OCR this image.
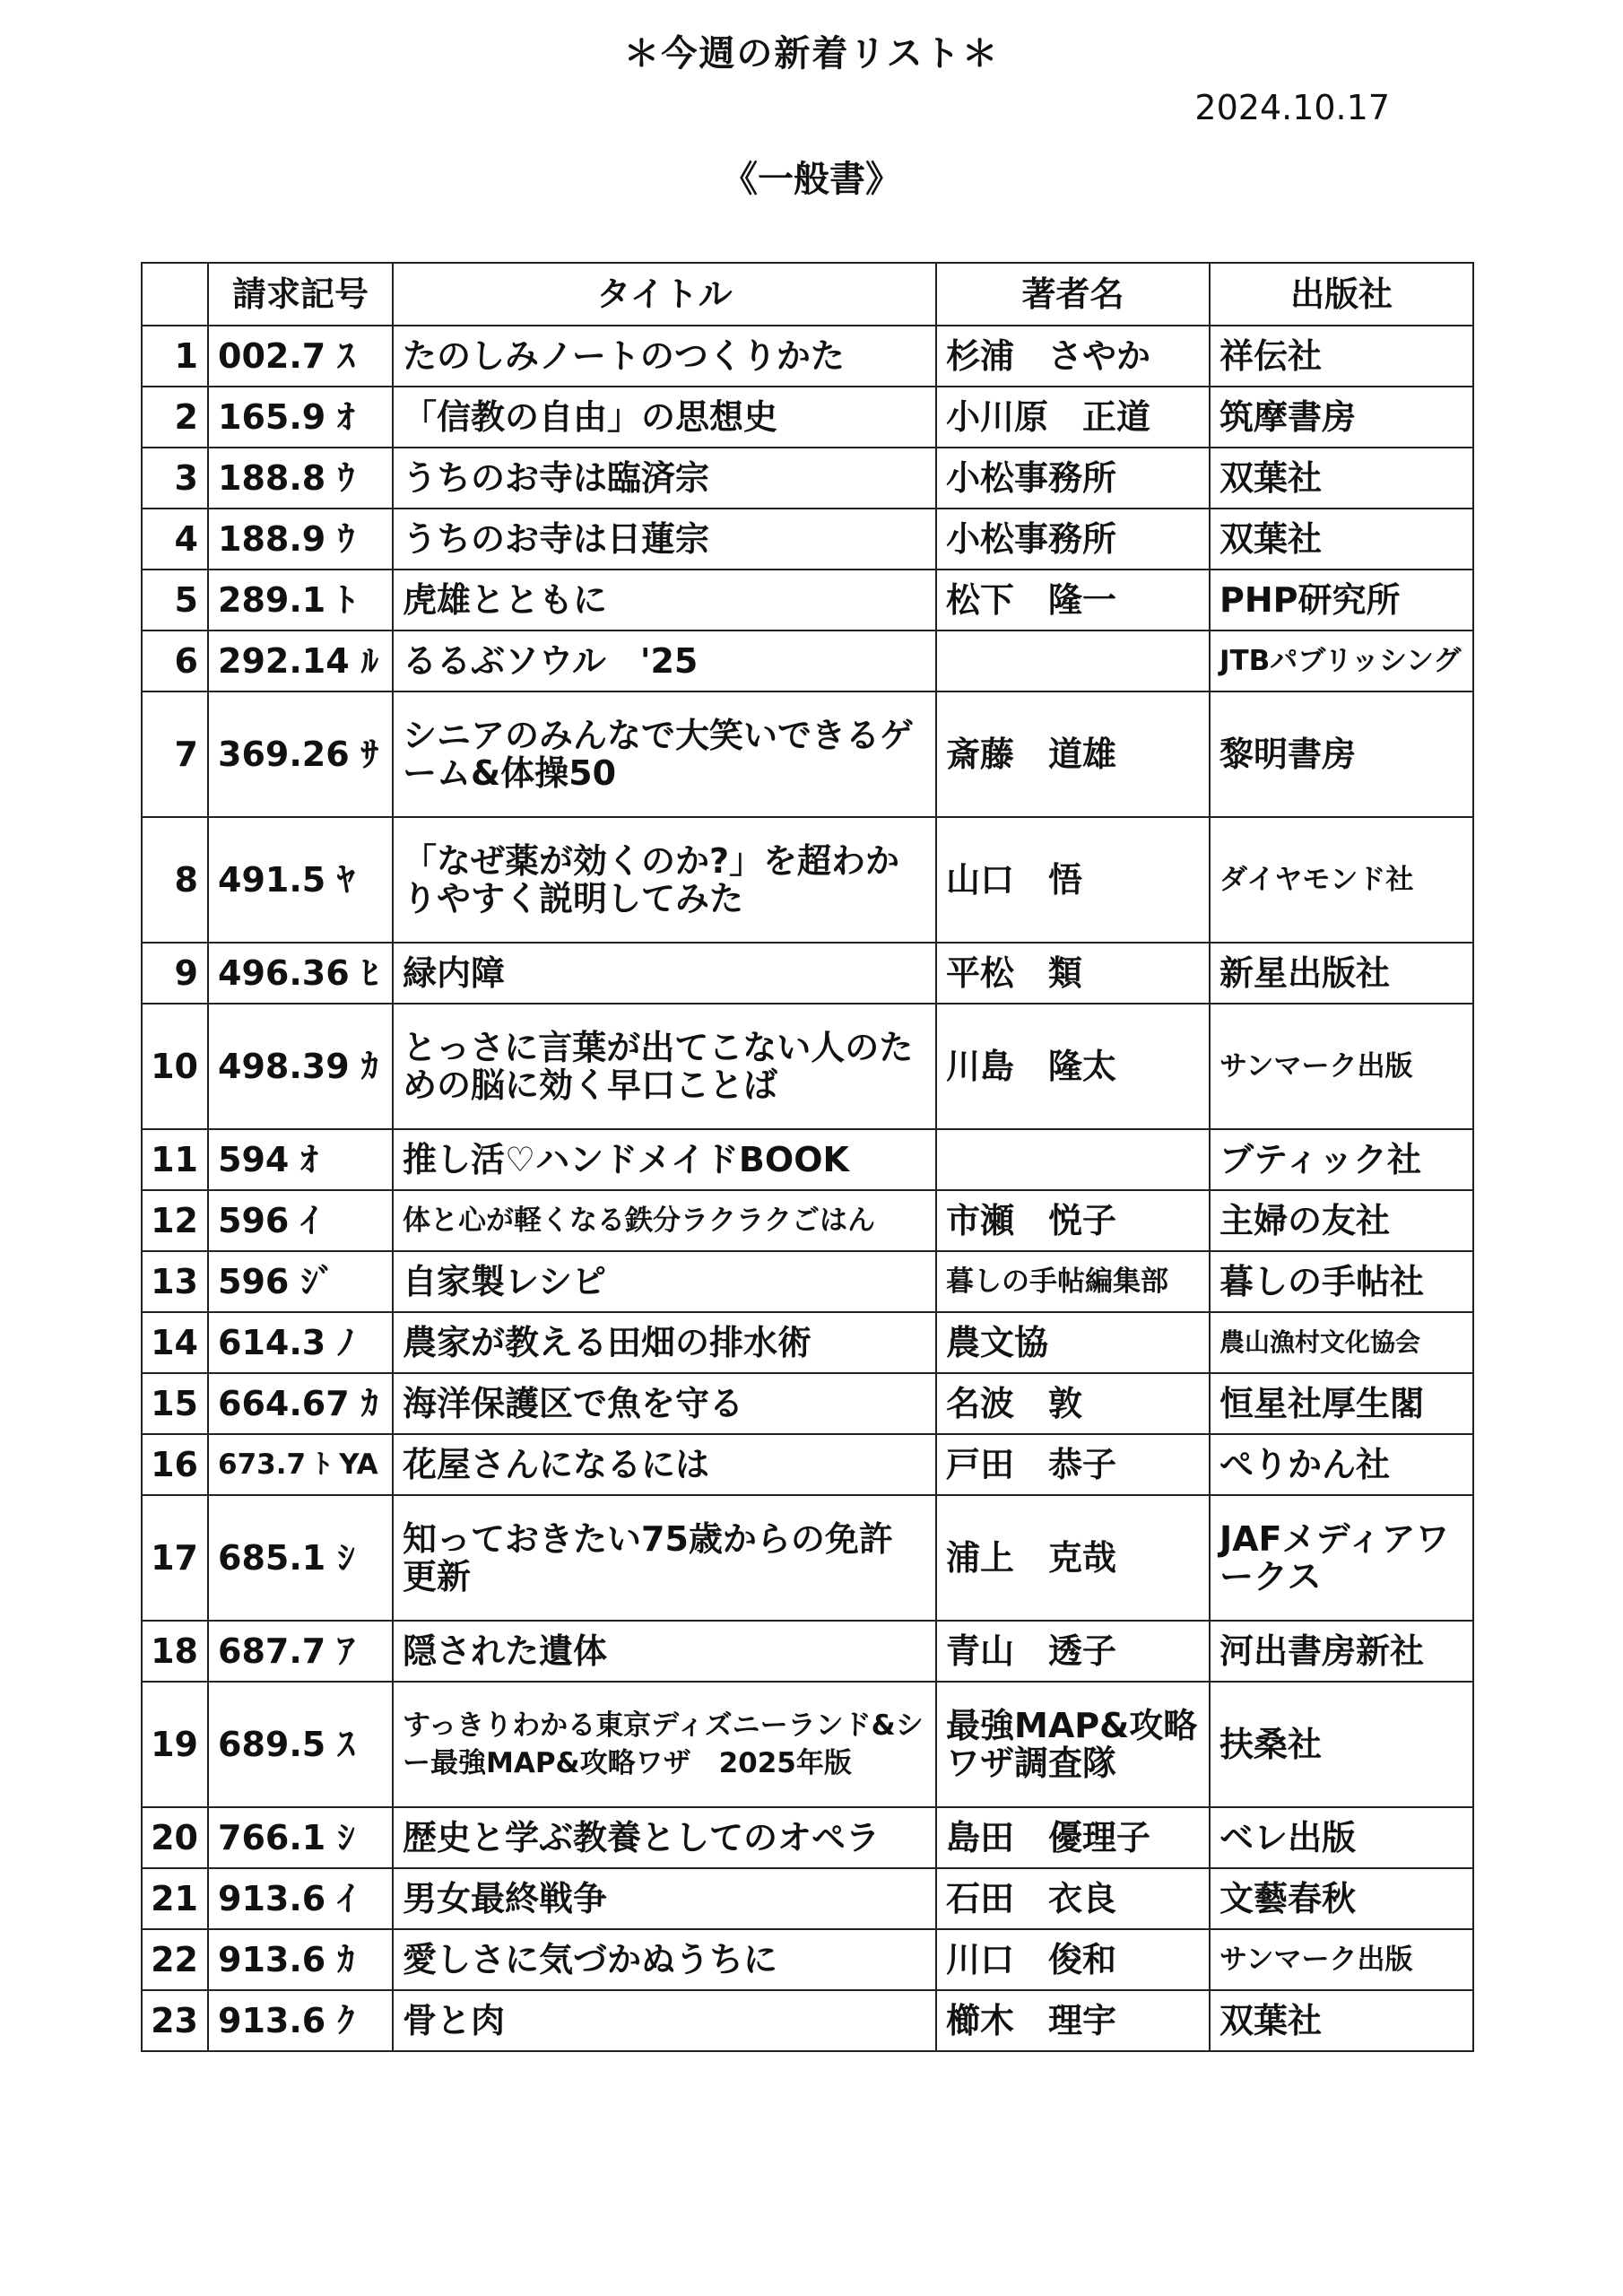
＊今週の新着リスト＊
2024.10.17
《一般書》
	請求記号	タイトル	著者名	出版社
1	002.7 ｽ	たのしみノートのつくりかた	杉浦　さやか	祥伝社
2	165.9 ｵ	「信教の自由」の思想史	小川原　正道	筑摩書房
3	188.8 ｳ	うちのお寺は臨済宗	小松事務所	双葉社
4	188.9 ｳ	うちのお寺は日蓮宗	小松事務所	双葉社
5	289.1 ﾄ	虎雄とともに	松下　隆一	PHP研究所
6	292.14 ﾙ	るるぶソウル　'25		JTBパブリッシング
7	369.26 ｻ	シニアのみんなで大笑いできるゲーム&体操50	斎藤　道雄	黎明書房
8	491.5 ﾔ	「なぜ薬が効くのか?」を超わかりやすく説明してみた	山口　悟	ダイヤモンド社
9	496.36 ﾋ	緑内障	平松　類	新星出版社
10	498.39 ｶ	とっさに言葉が出てこない人のための脳に効く早口ことば	川島　隆太	サンマーク出版
11	594 ｵ	推し活♡ハンドメイドBOOK		ブティック社
12	596 ｲ	体と心が軽くなる鉄分ラクラクごはん	市瀬　悦子	主婦の友社
13	596 ｼﾞ	自家製レシピ	暮しの手帖編集部	暮しの手帖社
14	614.3 ﾉ	農家が教える田畑の排水術	農文協	農山漁村文化協会
15	664.67 ｶ	海洋保護区で魚を守る	名波　敦	恒星社厚生閣
16	673.7 ﾄ YA	花屋さんになるには	戸田　恭子	ぺりかん社
17	685.1 ｼ	知っておきたい75歳からの免許更新	浦上　克哉	JAFメディアワークス
18	687.7 ｱ	隠された遺体	青山　透子	河出書房新社
19	689.5 ｽ	すっきりわかる東京ディズニーランド&シー最強MAP&攻略ワザ　2025年版	最強MAP&攻略ワザ調査隊	扶桑社
20	766.1 ｼ	歴史と学ぶ教養としてのオペラ	島田　優理子	ベレ出版
21	913.6 ｲ	男女最終戦争	石田　衣良	文藝春秋
22	913.6 ｶ	愛しさに気づかぬうちに	川口　俊和	サンマーク出版
23	913.6 ｸ	骨と肉	櫛木　理宇	双葉社
